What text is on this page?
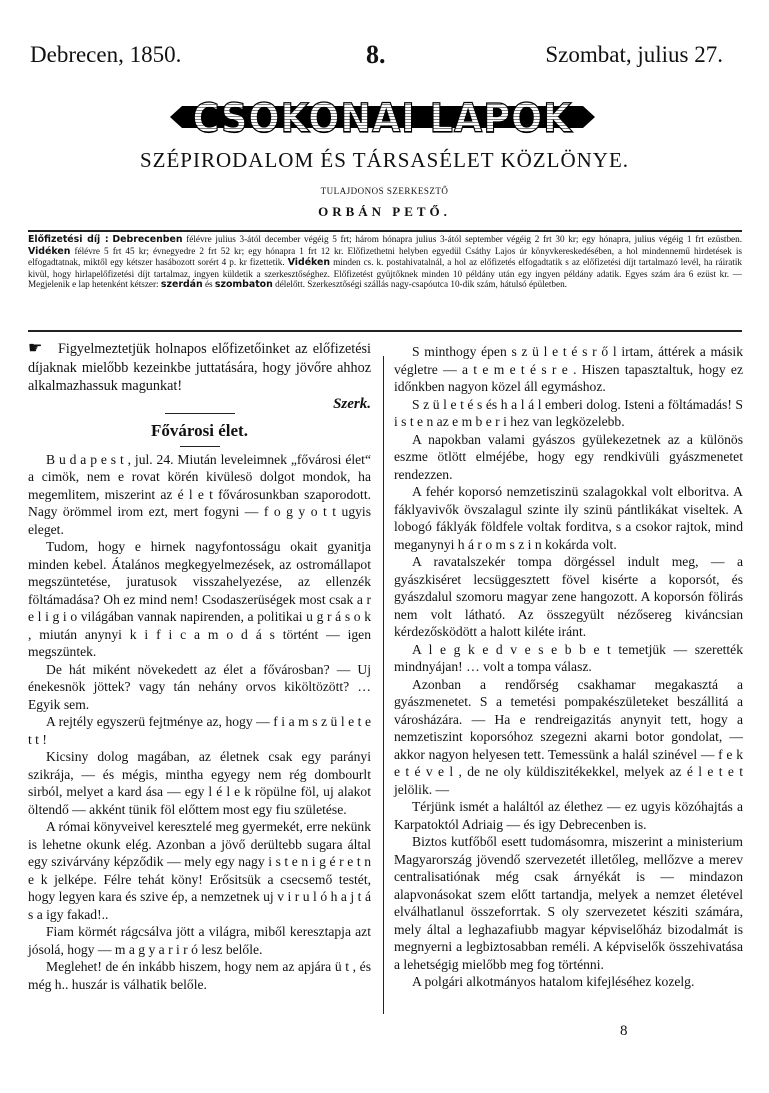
Debrecen, 1850.	8.	Szombat, julius 27.
CSOKONAI LAPOK
SZÉPIRODALOM ÉS TÁRSASÉLET KÖZLÖNYE.
TULAJDONOS SZERKESZTŐ
ORBÁN PETŐ.
Előfizetési díj : Debrecenben félévre julius 3-ától december végéig 5 frt; három hónapra julius 3-ától september végéig 2 frt 30 kr; egy hónapra, julius végéig 1 frt ezüstben. Vidéken félévre 5 frt 45 kr; évnegyedre 2 frt 52 kr; egy hónapra 1 frt 12 kr. Előfizethetni helyben egyedül Csáthy Lajos úr könyvkereskedésében, a hol mindennemű hirdetések is elfogadtatnak, miktől egy kétszer hasábozott sorért 4 p. kr fizettetik. Vidéken minden cs. k. postahivatalnál, a hol az előfizetés elfogadtatik s az előfizetési díjt tartalmazó levél, ha ráiratik kivül, hogy hirlapelőfizetési díjt tartalmaz, ingyen küldetik a szerkesztőséghez. Előfizetést gyüjtőknek minden 10 példány után egy ingyen példány adatik. Egyes szám ára 6 ezüst kr. — Megjelenik e lap hetenként kétszer: szerdán és szombaton délelőtt. Szerkesztőségi szállás nagy-csapóutca 10-dik szám, hátulsó épületben.

☛ Figyelmeztetjük holnapos előfizetőinket az előfizetési díjaknak mielőbb kezeinkbe juttatására, hogy jövőre ahhoz alkalmazhassuk magunkat!

Szerk.

Fővárosi élet.

B u d a p e s t , jul. 24. Miután leveleimnek „fővárosi élet“ a cimök, nem e rovat körén kivülesö dolgot mondok, ha megemlitem, miszerint az é l e t fővárosunkban szaporodott. Nagy örömmel irom ezt, mert fogyni — f o g y o t t ugyis eleget.

Tudom, hogy e hirnek nagyfontosságu okait gyanitja minden kebel. Átalános megkegyelmezések, az ostromállapot megszüntetése, juratusok visszahelyezése, az ellenzék föltámadása? Oh ez mind nem! Csodaszerüségek most csak a r e l i g i o világában vannak napirenden, a politikai u g r á s o k , miután anynyi k i f i c a m o d á s történt — igen megszüntek.

De hát miként növekedett az élet a fővárosban? — Uj énekesnök jöttek? vagy tán nehány orvos kiköltözött? … Egyik sem.

A rejtély egyszerü fejtménye az, hogy — f i a m s z ü l e t e t t !

Kicsiny dolog magában, az életnek csak egy parányi szikrája, — és mégis, mintha egyegy nem rég dombourlt sirból, melyet a kard ása — egy l é l e k röpülne föl, uj alakot öltendő — akként tünik föl előttem most egy fiu születése.

A római könyveivel keresztelé meg gyermekét, erre nekünk is lehetne okunk elég. Azonban a jövő derültebb sugara által egy szivárvány képződik — mely egy nagy i s t e n i g é r e t n e k jelképe. Félre tehát köny! Erősitsük a csecsemő testét, hogy legyen kara és szive ép, a nemzetnek uj v i r u l ó h a j t á s a igy fakad!..

Fiam körmét rágcsálva jött a világra, miből keresztapja azt jósolá, hogy — m a g y a r i r ó lesz belőle.

Meglehet! de én inkább hiszem, hogy nem az apjára ü t , és még h.. huszár is válhatik belőle.

S minthogy épen s z ü l e t é s r ő l irtam, áttérek a másik végletre — a t e m e t é s r e . Hiszen tapasztaltuk, hogy ez időnkben nagyon közel áll egymáshoz.

S z ü l e t é s és h a l á l emberi dolog. Isteni a föltámadás! S i s t e n az e m b e r i hez van legközelebb.

A napokban valami gyászos gyülekezetnek az a különös eszme ötlött elméjébe, hogy egy rendkivüli gyászmenetet rendezzen.

A fehér koporsó nemzetiszinü szalagokkal volt elboritva. A fáklyavivők övszalagul szinte ily szinü pántlikákat viseltek. A lobogó fáklyák földfele voltak forditva, s a csokor rajtok, mind meganynyi h á r o m s z i n kokárda volt.

A ravatalszekér tompa dörgéssel indult meg, — a gyászkiséret lecsüggesztett fövel kisérte a koporsót, és gyászdalul szomoru magyar zene hangozott. A koporsón fölirás nem volt látható. Az összegyült nézősereg kiváncsian kérdezősködött a halott kiléte iránt.

A l e g k e d v e s e b b e t temetjük — szerették mindnyájan! … volt a tompa válasz.

Azonban a rendőrség csakhamar megakasztá a gyászmenetet. S a temetési pompakészületeket beszállitá a városházára. — Ha e rendreigazitás anynyit tett, hogy a nemzetiszint koporsóhoz szegezni akarni botor gondolat, — akkor nagyon helyesen tett. Temessünk a halál szinével — f e k e t é v e l , de ne oly küldiszitékekkel, melyek az é l e t e t jelölik. —

Térjünk ismét a haláltól az élethez — ez ugyis közóhajtás a Karpatoktól Adriaig — és igy Debrecenben is.

Biztos kutfőből esett tudomásomra, miszerint a ministerium Magyarország jövendő szervezetét illetőleg, mellőzve a merev centralisatiónak még csak árnyékát is — mindazon alapvonásokat szem előtt tartandja, melyek a nemzet életével elválhatlanul összeforrtak. S oly szervezetet késziti számára, mely által a leghazafiubb magyar képviselőház bizodalmát is megnyerni a legbiztosabban reméli. A képviselők összehivatása a lehetségig mielőbb meg fog történni.

A polgári alkotmányos hatalom kifejléséhez kozelg.

8
